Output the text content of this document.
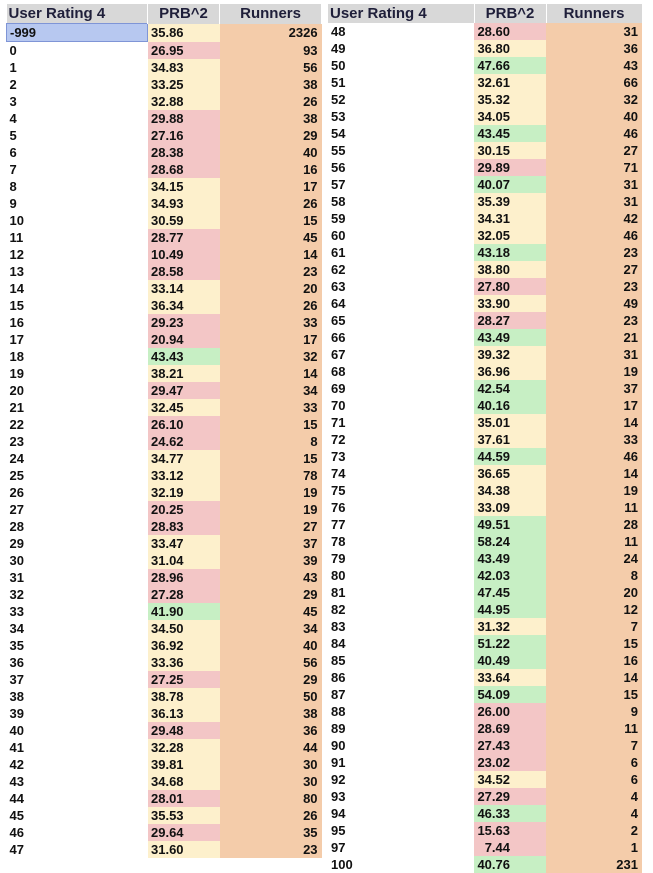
User Rating 4	PRB^2	Runners
-999	35.86	2326
0	26.95	93
1	34.83	56
2	33.25	38
3	32.88	26
4	29.88	38
5	27.16	29
6	28.38	40
7	28.68	16
8	34.15	17
9	34.93	26
10	30.59	15
11	28.77	45
12	10.49	14
13	28.58	23
14	33.14	20
15	36.34	26
16	29.23	33
17	20.94	17
18	43.43	32
19	38.21	14
20	29.47	34
21	32.45	33
22	26.10	15
23	24.62	8
24	34.77	15
25	33.12	78
26	32.19	19
27	20.25	19
28	28.83	27
29	33.47	37
30	31.04	39
31	28.96	43
32	27.28	29
33	41.90	45
34	34.50	34
35	36.92	40
36	33.36	56
37	27.25	29
38	38.78	50
39	36.13	38
40	29.48	36
41	32.28	44
42	39.81	30
43	34.68	30
44	28.01	80
45	35.53	26
46	29.64	35
47	31.60	23
User Rating 4	PRB^2	Runners
48	28.60	31
49	36.80	36
50	47.66	43
51	32.61	66
52	35.32	32
53	34.05	40
54	43.45	46
55	30.15	27
56	29.89	71
57	40.07	31
58	35.39	31
59	34.31	42
60	32.05	46
61	43.18	23
62	38.80	27
63	27.80	23
64	33.90	49
65	28.27	23
66	43.49	21
67	39.32	31
68	36.96	19
69	42.54	37
70	40.16	17
71	35.01	14
72	37.61	33
73	44.59	46
74	36.65	14
75	34.38	19
76	33.09	11
77	49.51	28
78	58.24	11
79	43.49	24
80	42.03	8
81	47.45	20
82	44.95	12
83	31.32	7
84	51.22	15
85	40.49	16
86	33.64	14
87	54.09	15
88	26.00	9
89	28.69	11
90	27.43	7
91	23.02	6
92	34.52	6
93	27.29	4
94	46.33	4
95	15.63	2
97	7.44	1
100	40.76	231
